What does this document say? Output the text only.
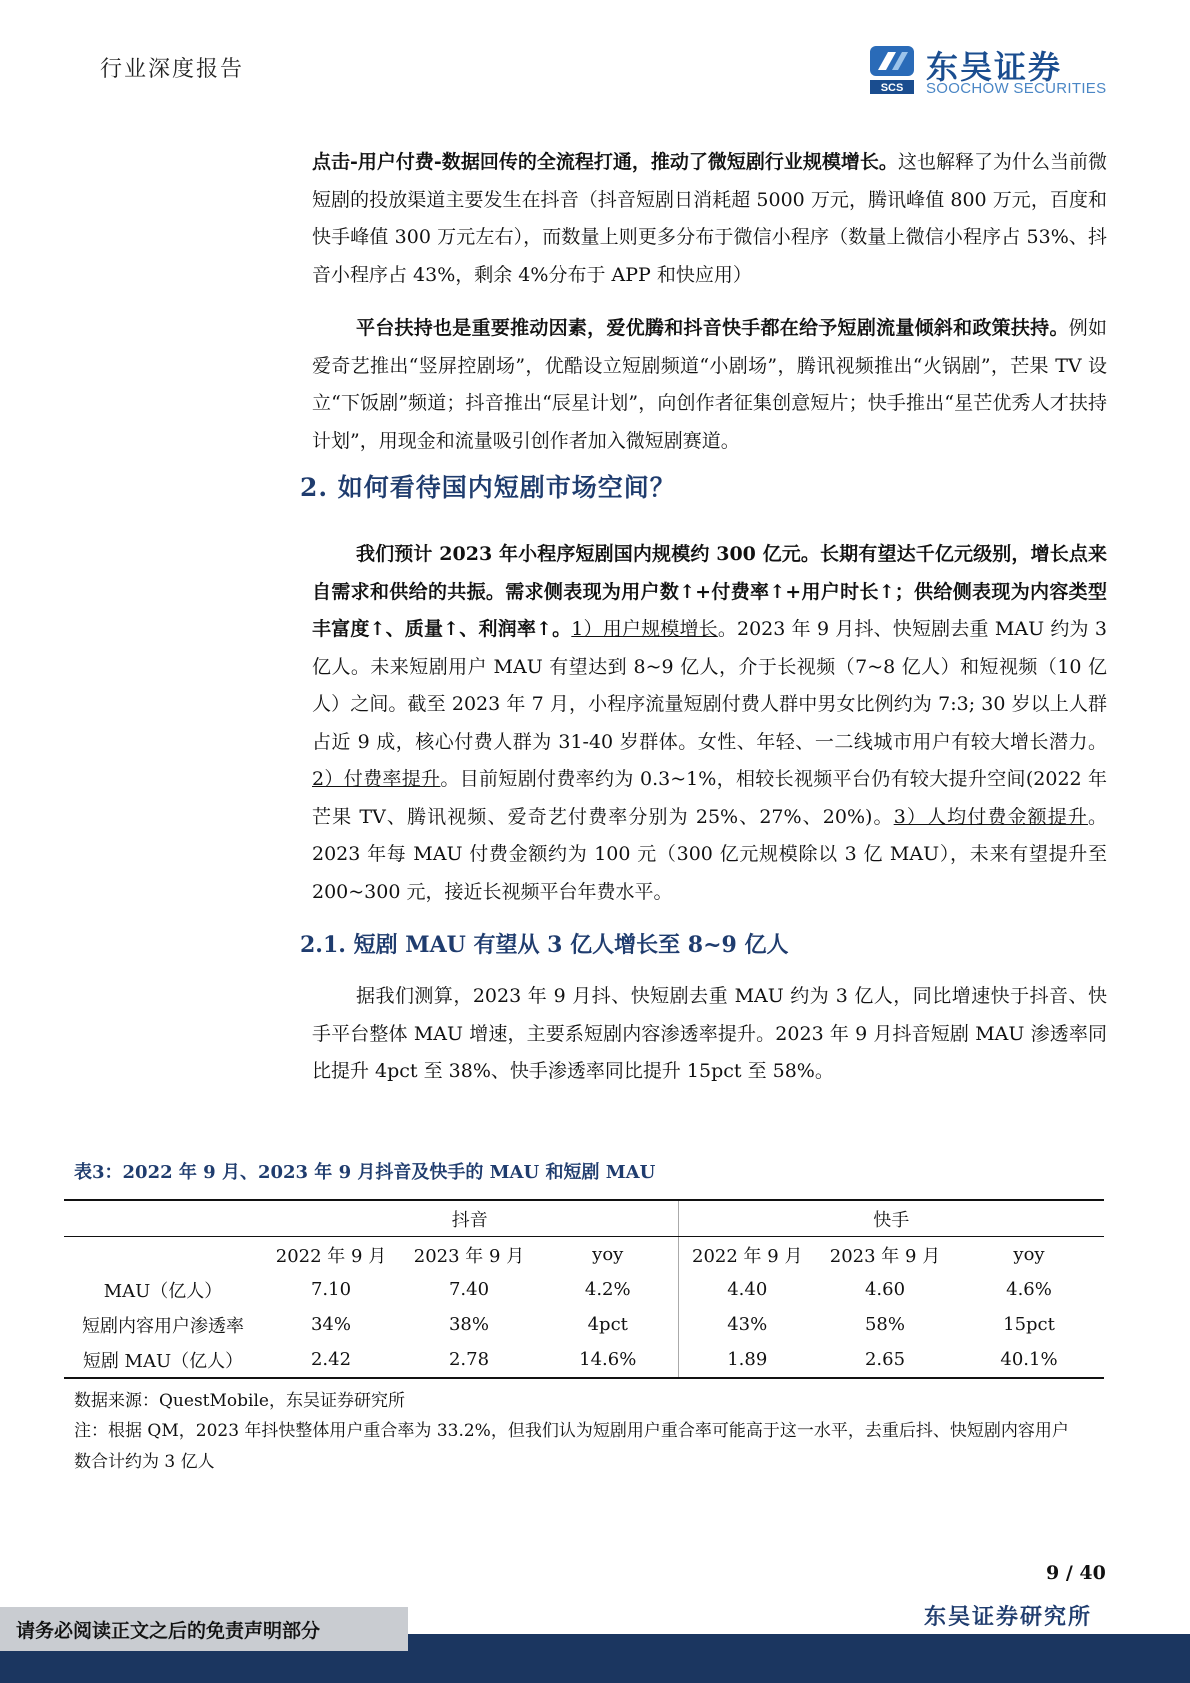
行业深度报告
SCS
东吴证券
SOOCHOW SECURITIES
点击-用户付费-数据回传的全流程打通，推动了微短剧行业规模增长。这也解释了为什么当前微短剧的投放渠道主要发生在抖音（抖音短剧日消耗超 5000 万元，腾讯峰值 800 万元，百度和快手峰值 300 万元左右），而数量上则更多分布于微信小程序（数量上微信小程序占 53%、抖音小程序占 43%，剩余 4%分布于 APP 和快应用）
平台扶持也是重要推动因素，爱优腾和抖音快手都在给予短剧流量倾斜和政策扶持。例如爱奇艺推出“竖屏控剧场”，优酷设立短剧频道“小剧场”，腾讯视频推出“火锅剧”，芒果 TV 设立“下饭剧”频道；抖音推出“辰星计划”，向创作者征集创意短片；快手推出“星芒优秀人才扶持计划”，用现金和流量吸引创作者加入微短剧赛道。
2. 如何看待国内短剧市场空间？
我们预计 2023 年小程序短剧国内规模约 300 亿元。长期有望达千亿元级别，增长点来自需求和供给的共振。需求侧表现为用户数↑+付费率↑+用户时长↑；供给侧表现为内容类型丰富度↑、质量↑、利润率↑。1）用户规模增长。2023 年 9 月抖、快短剧去重 MAU 约为 3 亿人。未来短剧用户 MAU 有望达到 8~9 亿人，介于长视频（7~8 亿人）和短视频（10 亿人）之间。截至 2023 年 7 月，小程序流量短剧付费人群中男女比例约为 7:3; 30 岁以上人群占近 9 成，核心付费人群为 31-40 岁群体。女性、年轻、一二线城市用户有较大增长潜力。2）付费率提升。目前短剧付费率约为 0.3~1%，相较长视频平台仍有较大提升空间(2022 年芒果 TV、腾讯视频、爱奇艺付费率分别为 25%、27%、20%)。3）人均付费金额提升。2023 年每 MAU 付费金额约为 100 元（300 亿元规模除以 3 亿 MAU），未来有望提升至 200~300 元，接近长视频平台年费水平。
2.1. 短剧 MAU 有望从 3 亿人增长至 8~9 亿人
据我们测算，2023 年 9 月抖、快短剧去重 MAU 约为 3 亿人，同比增速快于抖音、快手平台整体 MAU 增速，主要系短剧内容渗透率提升。2023 年 9 月抖音短剧 MAU 渗透率同比提升 4pct 至 38%、快手渗透率同比提升 15pct 至 58%。
表3：2022 年 9 月、2023 年 9 月抖音及快手的 MAU 和短剧 MAU
	抖音			快手		
	2022 年 9 月	2023 年 9 月	yoy	2022 年 9 月	2023 年 9 月	yoy
MAU（亿人）	7.10	7.40	4.2%	4.40	4.60	4.6%
短剧内容用户渗透率	34%	38%	4pct	43%	58%	15pct
短剧 MAU（亿人）	2.42	2.78	14.6%	1.89	2.65	40.1%
数据来源：QuestMobile，东吴证券研究所
注：根据 QM，2023 年抖快整体用户重合率为 33.2%，但我们认为短剧用户重合率可能高于这一水平，去重后抖、快短剧内容用户数合计约为 3 亿人
9 / 40
东吴证券研究所
请务必阅读正文之后的免责声明部分
